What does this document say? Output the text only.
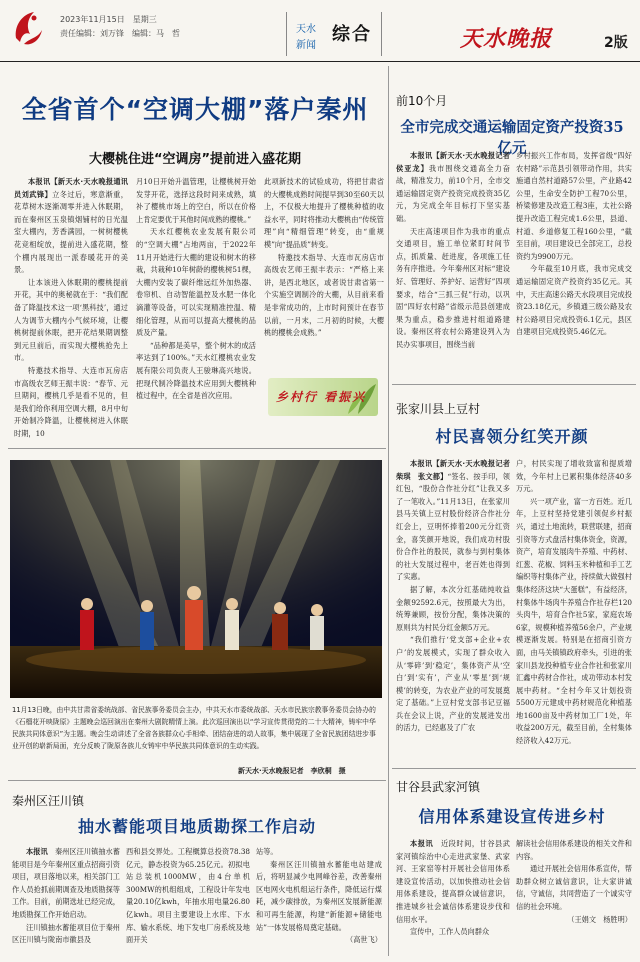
2023年11月15日　星期三
责任编辑：刘万锋　编辑：马　哲	天水
新闻
综合	天水晚报	2版
全省首个“空调大棚”落户秦州
大樱桃住进“空调房”提前进入盛花期

本报讯【新天水·天水晚报通讯员刘武锋】立冬过后，寒意渐重，花草树木逐渐凋零并进入休眠期，而在秦州区玉泉镇烟铺村的日光温室大棚内，芳香满园，一树树樱桃花竞相绽放，提前进入盛花期，整个棚内展现出一派春暖花开的美景。

让本该进入休眠期的樱桃提前开花，其中的奥秘就在于：“我们配备了降温技术这一项‘黑科技’，通过人为调节大棚内小气候环境，让樱桃树提前休眠，把开花结果期调整到元旦前后，而实现大樱桃抢先上市。

特邀技术指导、大连市瓦房店市高级农艺师王振丰说：“春节、元旦期间，樱桃几乎是看不见的，但是我们给你利用空调大棚，8月中旬开始制冷降温，让樱桃树进入休眠时期，10

月10日开始升温管理，让樱桃树开始发芽开花，选择这段时间来成熟，填补了樱桃市场上的空白，所以在价格上肯定要优于其他时间成熟的樱桃。”

天水红樱桃农业发展有限公司的“空调大棚”占地两亩，于2022年11月开始进行大棚的建设和树木的移栽，共栽种10年树龄的樱桃树51棵，大棚内安装了碳纤维远红外加热器、卷帘机、自动智能温控及水肥一体化滴灌等设备，可以实现精准控温、精细化管理，从而可以提高大樱桃的品质及产量。

“品种都是美早，整个树木的成活率达到了100%。”天水红樱桃农业发展有限公司负责人王骏琳高兴地说。把现代制冷降温技术应用到大樱桃种植过程中，在全省是首次应用。

此项新技术的试验成功，将把甘肃省的大樱桃成熟时间提早到30至60天以上，不仅极大地提升了樱桃种植的收益水平，同时将推动大樱桃由“传统管理”向“精细管理”转变，由“重规模”向“提品质”转变。

特邀技术指导、大连市瓦房店市高级农艺师王振丰表示：“严格上来讲，是西北地区，或者说甘肃省第一个实施空调制冷的大棚，从目前来看是非常成功的，上市时间预计在春节以前，一月末，二月初的时候，大樱桃的樱桃会成熟。”

乡村行 看振兴
11月13日晚，由中共甘肃省委统战部、省民族事务委员会主办，中共天水市委统战部、天水市民族宗教事务委员会协办的《石榴花开映陇原》主题晚会巡回演出在秦州大剧院精情上演。此次巡回演出以“学习宣传贯彻党的二十大精神，铸牢中华民族共同体意识”为主题。晚会生动讲述了全省各族群众心手相牵、团结奋进的动人故事，集中展现了全省民族团结进步事业开创的崭新局面，充分反映了陇原各族儿女铸牢中华民族共同体意识的生动实践。
新天水·天水晚报记者　李欣桐　摄
前10个月
全市完成交通运输固定资产投资35亿元

本报讯【新天水·天水晚报记者侯亚龙】我市围绕交通高全力奋战，精准发力，前10个月，全市交通运输固定资产投资完成投资35亿元，为完成全年目标打下坚实基础。

天庄高速项目作为我市的重点交通项目，施工单位紧盯时间节点，抓质量、赶进度，各项施工任务有序推进。今年秦州区对标“建设好、管理好、养护好、运营好”四项要求，结合“三抓三促”行动，以巩固“四好农村路”省级示范县创建成果为重点，稳步推进村组道路建设。秦州区将农村公路建设列入为民办实事项目，围绕当前

乡村振兴工作布局，发挥省级“四好农村路”示范县引领带动作用，共实施通自然村道路57公里，产业路42公里，生命安全防护工程70公里，桥梁修建及改造工程3座，太社公路提升改造工程完成1.6公里，县道、村道、乡道修复工程160公里，“截至目前，项目建设已全部完工，总投资约为9900万元。

今年截至10月底，我市完成交通运输固定资产投资约35亿元。其中，天庄高速公路天水段项目完成投资23.18亿元，乡镇通三级公路及农村公路项目完成投资6.1亿元，县区自建项目完成投资5.46亿元。

张家川县上豆村
村民喜领分红笑开颜

本报讯【新天水·天水晚报记者柴琪　张文都】“签名、按手印，领红包，“股份合作社分红”让我又多了一笔收入。”11月13日，在张家川县马关镇上豆村股份经济合作社分红会上，豆明怀捧着200元分红资金，喜笑颜开地说，我们成功村股份合作社的股民，就参与到村集体的社大发展过程中，老百姓也得到了实惠。

据了解，本次分红基础纯收益金额92592.6元，按照最大为出，统筹兼顾，按份分配，集体决策的原则共为村民分红金额5万元。

“我们推行‘党支部+企业+农户’的发展模式，实现了群众收入从‘零碎’到‘稳定’，集体资产从‘空白’到‘实有’，产业从‘零星’到‘规模’的转变，为农业产业的可发展奠定了基础。”上豆村党支部书记豆福兵在会议上说，产业的发展进发出的活力，已经惠及了广农

户，村民实现了增收致富和提质增效，今年村上已累积集体经济40多万元。

兴一项产业，富一方百姓。近几年，上豆村坚持党建引领促乡村振兴，通过土地流转，联营联建，招商引资等方式盘活村集体资金，资源，资产，培育发展肉牛养殖、中药材、红葱、花椒、饲料玉米种植和手工艺编织等村集体产业，持续做大做强村集体经济这块“大蛋糕”，有益经济，村集体牛场肉牛养殖合作社存栏120头肉牛，培育合作社5家，家庭农场6家，规模种植养殖56余户，产业规模逐渐发展。特别是在招商引资方面，由马关镇镇政府牵头，引进的张家川县龙投种植专业合作社和张家川汇鑫中药材合作社，成功带动本村发展中药材。“全村今年又计划投资5500万元建成中药材规范化种植基地1600亩及中药材加工厂1处，年收益200万元，截至目前，全村集体经济收入42万元。

秦州区汪川镇
抽水蓄能项目地质勘探工作启动

本报讯　 秦州区汪川镇抽水蓄能项目是今年秦州区重点招商引资项目，项目落地以来，相关部门工作人员抢抓前期调查及地质勘探等工作。目前，前期选址已经完成，地质勘探工作开始启动。

汪川镇抽水蓄能项目位于秦州区汪川镇与陇南市徽县及

西和县交界处。工程概算总投资78.38亿元，静态投资为65.25亿元。初拟电站总装机1000MW，由4台单机300MW的机组组成，工程设计年发电量20.10亿kwh，年抽水用电量26.80亿kwh。项目主要建设上水库、下水库、输水系统、地下发电厂房系统及地面开关

站等。

秦州区汪川镇抽水蓄能电站建成后，将明显减少电网峰谷差，改善秦州区电网火电机组运行条件，降低运行煤耗，减少碳排放，为秦州区发展新能源和可再生能源，构建“新能源+储能电站”一体发展格局奠定基础。

（高世飞）

甘谷县武家河镇
信用体系建设宣传进乡村

本报讯　 近段时间，甘谷县武家河镇综治中心走进武家堡、武家河、王家窑等村开展社会信用体系建设宣传活动，以加快推动社会信用体系建设，提高群众诚信意识，推进城乡社会诚信体系建设步伐和信用水平。

宣传中，工作人员向群众

解读社会信用体系建设的相关文件和内容。

通过开展社会信用体系宣传，帮助群众树立诚信意识，让大家讲诚信，守诚信，共同营造了一个诚实守信的社会环境。

（王娟文　杨胜明）
